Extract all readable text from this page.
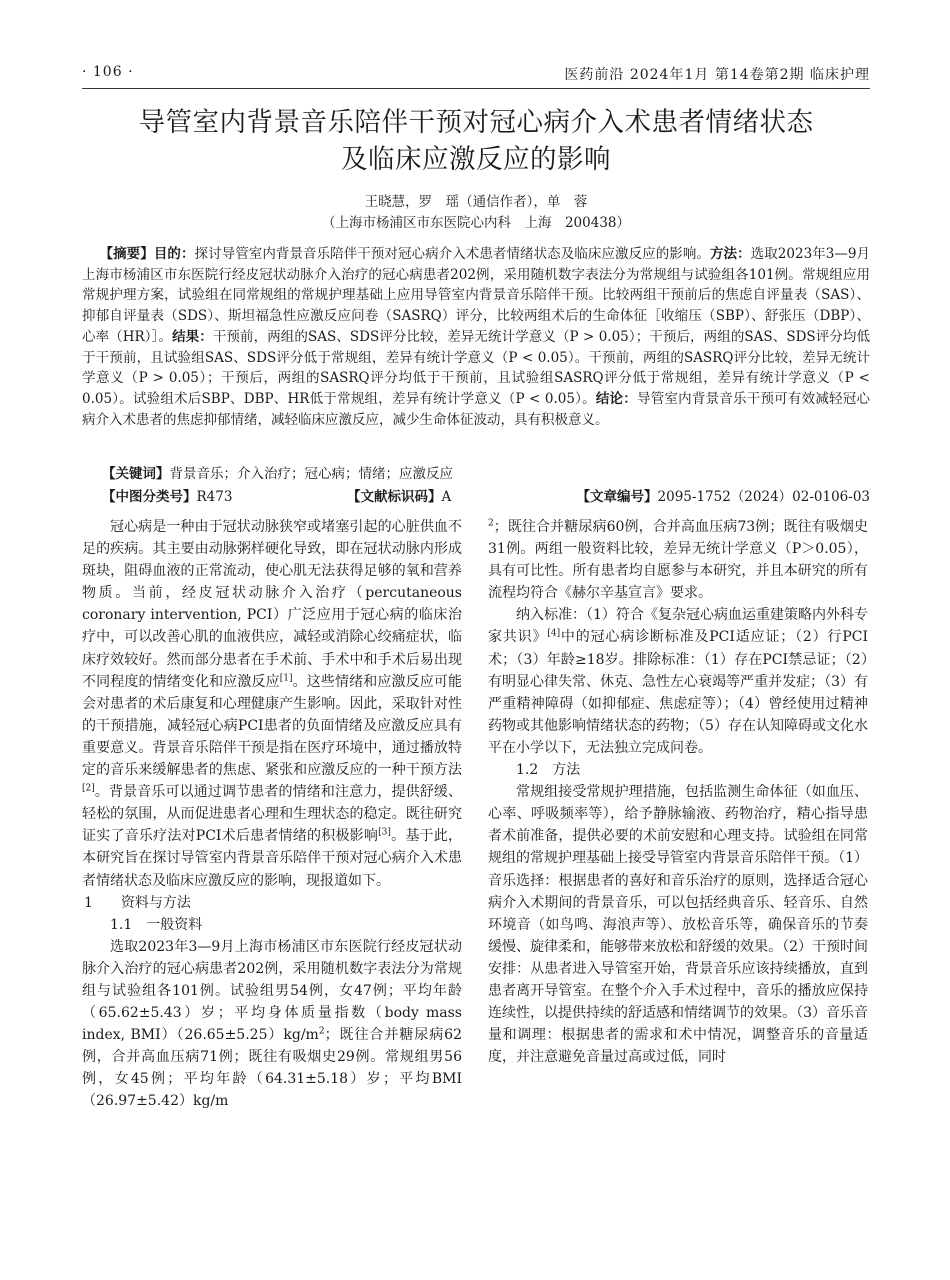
· 106 ·	医药前沿 2024年1月 第14卷第2期 临床护理
导管室内背景音乐陪伴干预对冠心病介入术患者情绪状态
及临床应激反应的影响
王晓慧，罗　瑶（通信作者），单　蓉
（上海市杨浦区市东医院心内科　上海　200438）
【摘要】目的：探讨导管室内背景音乐陪伴干预对冠心病介入术患者情绪状态及临床应激反应的影响。方法：选取2023年3—9月上海市杨浦区市东医院行经皮冠状动脉介入治疗的冠心病患者202例，采用随机数字表法分为常规组与试验组各101例。常规组应用常规护理方案，试验组在同常规组的常规护理基础上应用导管室内背景音乐陪伴干预。比较两组干预前后的焦虑自评量表（SAS）、抑郁自评量表（SDS）、斯坦福急性应激反应问卷（SASRQ）评分，比较两组术后的生命体征［收缩压（SBP）、舒张压（DBP）、心率（HR）］。结果：干预前，两组的SAS、SDS评分比较，差异无统计学意义（P > 0.05）；干预后，两组的SAS、SDS评分均低于干预前，且试验组SAS、SDS评分低于常规组，差异有统计学意义（P < 0.05）。干预前，两组的SASRQ评分比较，差异无统计学意义（P > 0.05）；干预后，两组的SASRQ评分均低于干预前，且试验组SASRQ评分低于常规组，差异有统计学意义（P < 0.05）。试验组术后SBP、DBP、HR低于常规组，差异有统计学意义（P < 0.05）。结论：导管室内背景音乐干预可有效减轻冠心病介入术患者的焦虑抑郁情绪，减轻临床应激反应，减少生命体征波动，具有积极意义。
【关键词】背景音乐；介入治疗；冠心病；情绪；应激反应
【中图分类号】R473	【文献标识码】A	【文章编号】2095-1752（2024）02-0106-03

冠心病是一种由于冠状动脉狭窄或堵塞引起的心脏供血不足的疾病。其主要由动脉粥样硬化导致，即在冠状动脉内形成斑块，阻碍血液的正常流动，使心肌无法获得足够的氧和营养物质。当前，经皮冠状动脉介入治疗（percutaneous coronary intervention, PCI）广泛应用于冠心病的临床治疗中，可以改善心肌的血液供应，减轻或消除心绞痛症状，临床疗效较好。然而部分患者在手术前、手术中和手术后易出现不同程度的情绪变化和应激反应[1]。这些情绪和应激反应可能会对患者的术后康复和心理健康产生影响。因此，采取针对性的干预措施，减轻冠心病PCI患者的负面情绪及应激反应具有重要意义。背景音乐陪伴干预是指在医疗环境中，通过播放特定的音乐来缓解患者的焦虑、紧张和应激反应的一种干预方法[2]。背景音乐可以通过调节患者的情绪和注意力，提供舒缓、轻松的氛围，从而促进患者心理和生理状态的稳定。既往研究证实了音乐疗法对PCI术后患者情绪的积极影响[3]。基于此，本研究旨在探讨导管室内背景音乐陪伴干预对冠心病介入术患者情绪状态及临床应激反应的影响，现报道如下。

1　　资料与方法

1.1　一般资料

选取2023年3—9月上海市杨浦区市东医院行经皮冠状动脉介入治疗的冠心病患者202例，采用随机数字表法分为常规组与试验组各101例。试验组男54例，女47例；平均年龄（65.62±5.43）岁；平均身体质量指数（body mass index, $BMI)(26.65\pm 5.25)kg/m^2$；既往合并糖尿病62例，合并高血压病71例；既往有吸烟史29例。常规组男56例，女45例；平均年龄（64.31±5.18）岁；平均BMI（26.97±5.42）kg/m

$^2$；既往合并糖尿病60例，合并高血压病73例；既往有吸烟史31例。两组一般资料比较，差异无统计学意义（P＞0.05），具有可比性。所有患者均自愿参与本研究，并且本研究的所有流程均符合《赫尔辛基宣言》要求。

纳入标准：（1）符合《复杂冠心病血运重建策略内外科专家共识》[4]中的冠心病诊断标准及PCI适应证；（2）行PCI术；（3）年龄≥18岁。排除标准：（1）存在PCI禁忌证；（2）有明显心律失常、休克、急性左心衰竭等严重并发症；（3）有严重精神障碍（如抑郁症、焦虑症等）；（4）曾经使用过精神药物或其他影响情绪状态的药物；（5）存在认知障碍或文化水平在小学以下，无法独立完成问卷。

1.2　方法

常规组接受常规护理措施，包括监测生命体征（如血压、心率、呼吸频率等），给予静脉输液、药物治疗，精心指导患者术前准备，提供必要的术前安慰和心理支持。试验组在同常规组的常规护理基础上接受导管室内背景音乐陪伴干预。（1）音乐选择：根据患者的喜好和音乐治疗的原则，选择适合冠心病介入术期间的背景音乐，可以包括经典音乐、轻音乐、自然环境音（如鸟鸣、海浪声等）、放松音乐等，确保音乐的节奏缓慢、旋律柔和，能够带来放松和舒缓的效果。（2）干预时间安排：从患者进入导管室开始，背景音乐应该持续播放，直到患者离开导管室。在整个介入手术过程中，音乐的播放应保持连续性，以提供持续的舒适感和情绪调节的效果。（3）音乐音量和调理：根据患者的需求和术中情况，调整音乐的音量适度，并注意避免音量过高或过低，同时
